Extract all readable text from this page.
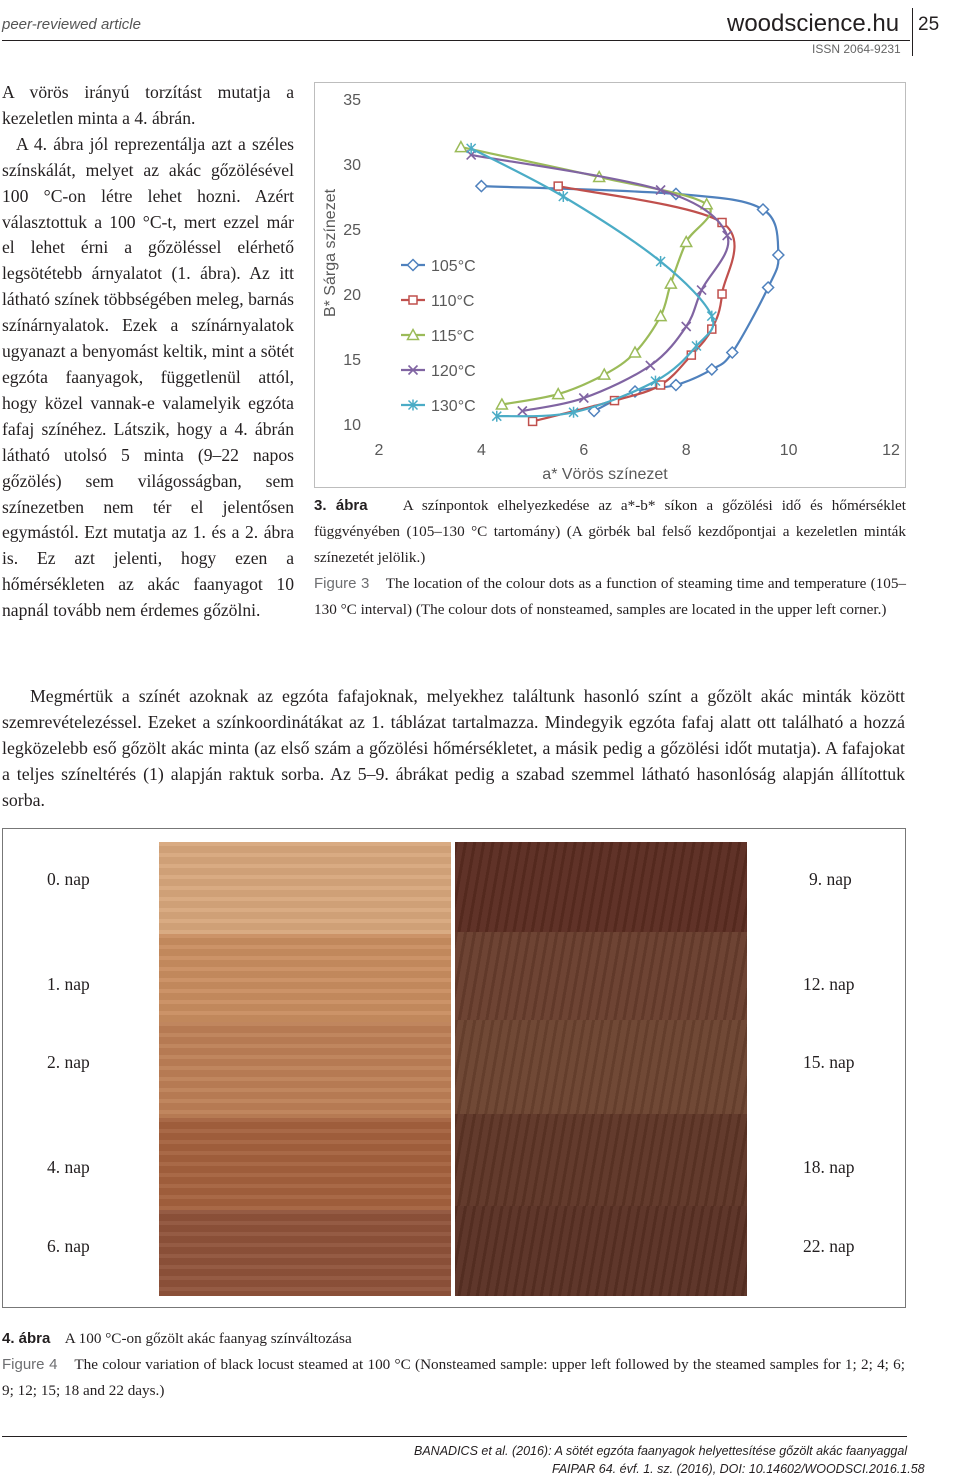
peer-reviewed article	woodscience.hu
ISSN 2064-9231
25

A vörös irányú torzítást mutatja a kezeletlen minta a 4. ábrán.

A 4. ábra jól reprezentálja azt a széles színskálát, melyet az akác gőzölésével 100 °C-on létre lehet hozni. Azért választottuk a 100 °C-t, mert ezzel már el lehet érni a gőzöléssel elérhető legsötétebb árnyalatot (1. ábra). Az itt látható színek többségében meleg, barnás színárnyalatok. Ezek a színárnyalatok ugyanazt a benyomást keltik, mint a sötét egzóta faanyagok, függetlenül attól, hogy közel vannak-e valamelyik egzóta fafaj színéhez. Látszik, hogy a 4. ábrán látható utolsó 5 minta (9–22 napos gőzölés) sem világosságban, sem színezetben nem tér el jelentősen egymástól. Ezt mutatja az 1. és a 2. ábra is. Ez azt jelenti, hogy ezen a hőmérsékleten az akác faanyagot 10 napnál tovább nem érdemes gőzölni.

2	4	6	8	10	12
10
15
20
25
30
35
a* Vörös színezet
B* Sárga színezet	105°C
110°C
115°C
120°C
130°C
3. ábra A színpontok elhelyezkedése az a*-b* síkon a gőzölési idő és hőmérséklet függvényében (105–130 °C tartomány) (A görbék bal felső kezdőpontjai a kezeletlen minták színezetét jelölik.)
Figure 3 The location of the colour dots as a function of steaming time and temperature (105–130 °C interval) (The colour dots of nonsteamed, samples are located in the upper left corner.)
Megmértük a színét azoknak az egzóta fafajoknak, melyekhez találtunk hasonló színt a gőzölt akác minták között szemrevételezéssel. Ezeket a színkoordinátákat az 1. táblázat tartalmazza. Mindegyik egzóta fafaj alatt ott található a hozzá legközelebb eső gőzölt akác minta (az első szám a gőzölési hőmérsékletet, a másik pedig a gőzölési időt mutatja). A fafajokat a teljes színeltérés (1) alapján raktuk sorba. Az 5–9. ábrákat pedig a szabad szemmel látható hasonlóság alapján állítottuk sorba.
0. nap
1. nap
2. nap
4. nap
6. nap
9. nap
12. nap
15. nap
18. nap
22. nap
4. ábra A 100 °C-on gőzölt akác faanyag színváltozása
Figure 4 The colour variation of black locust steamed at 100 °C (Nonsteamed sample: upper left followed by the steamed samples for 1; 2; 4; 6; 9; 12; 15; 18 and 22 days.)
BANADICS et al. (2016): A sötét egzóta faanyagok helyettesítése gőzölt akác faanyaggal
FAIPAR 64. évf. 1. sz. (2016), DOI: 10.14602/WOODSCI.2016.1.58
